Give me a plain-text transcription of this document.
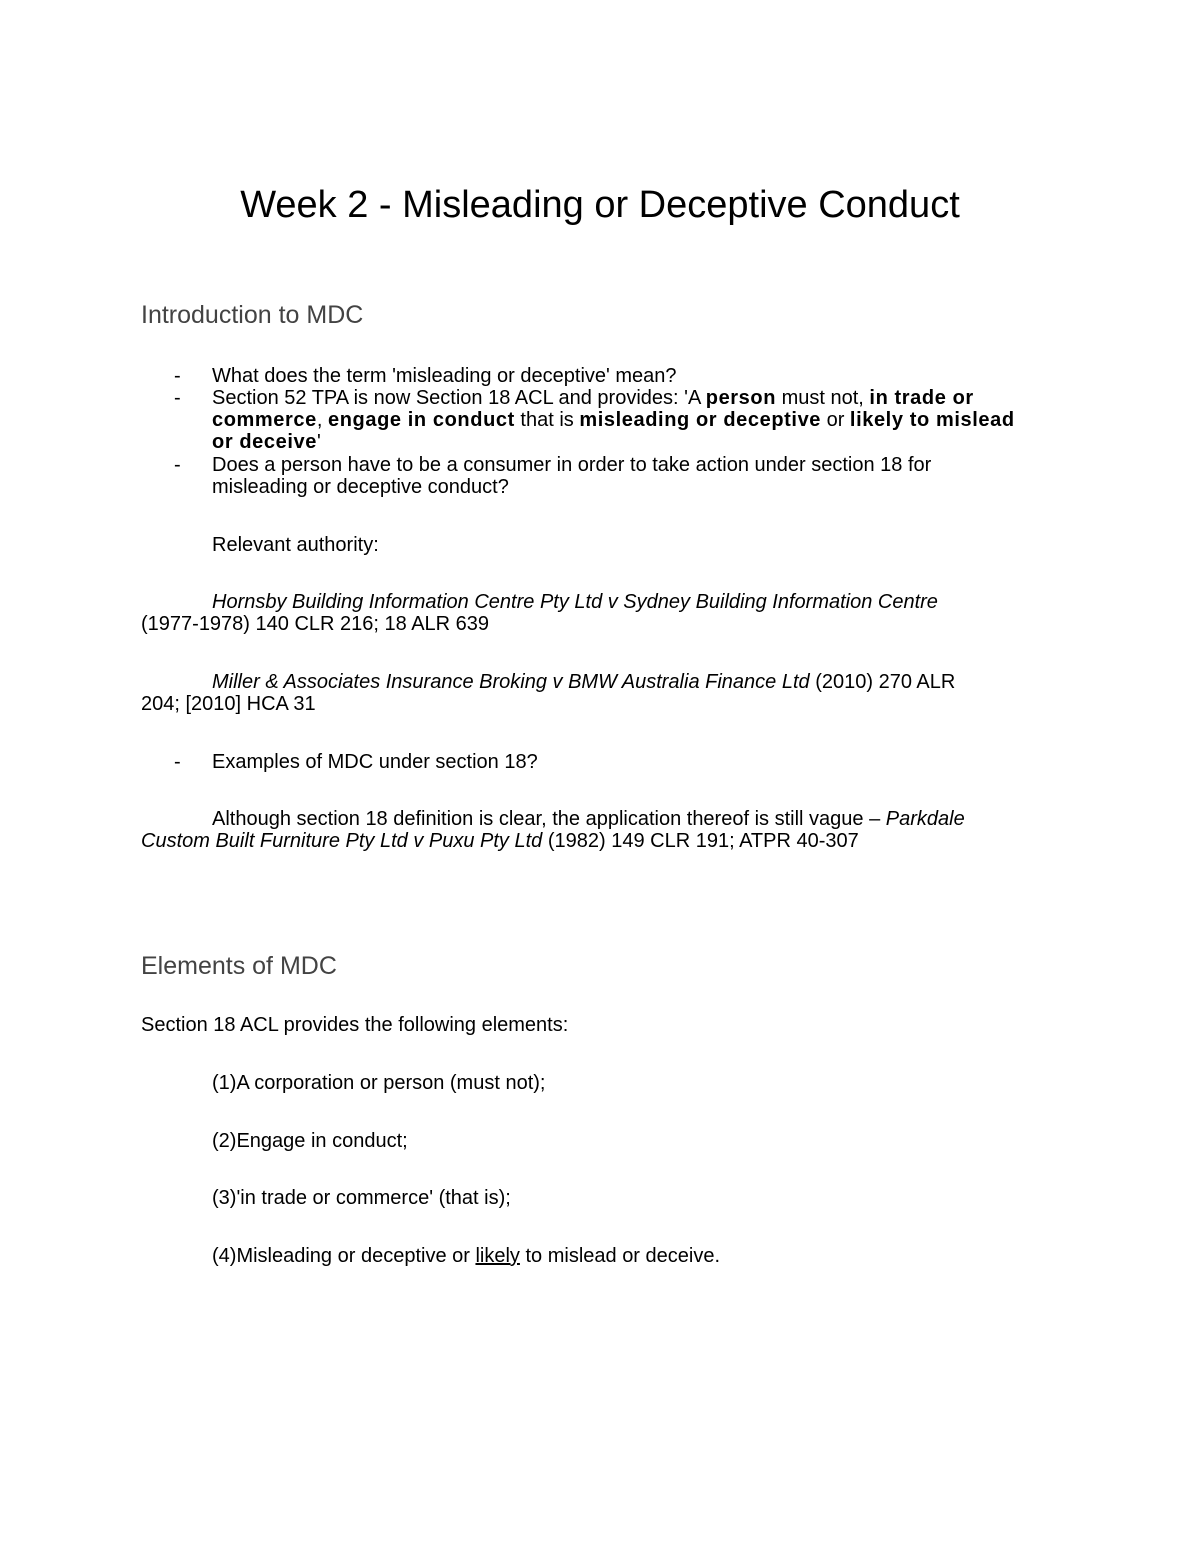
Week 2 - Misleading or Deceptive Conduct
Introduction to MDC
- What does the term 'misleading or deceptive' mean?
- Section 52 TPA is now Section 18 ACL and provides: 'A person must not, in trade or
commerce, engage in conduct that is misleading or deceptive or likely to mislead
or deceive'
- Does a person have to be a consumer in order to take action under section 18 for
misleading or deceptive conduct?
Relevant authority:
Hornsby Building Information Centre Pty Ltd v Sydney Building Information Centre
(1977-1978) 140 CLR 216; 18 ALR 639
Miller & Associates Insurance Broking v BMW Australia Finance Ltd (2010) 270 ALR
204; [2010] HCA 31
- Examples of MDC under section 18?
Although section 18 definition is clear, the application thereof is still vague – Parkdale
Custom Built Furniture Pty Ltd v Puxu Pty Ltd (1982) 149 CLR 191; ATPR 40-307
Elements of MDC
Section 18 ACL provides the following elements:
(1)A corporation or person (must not);
(2)Engage in conduct;
(3)'in trade or commerce' (that is);
(4)Misleading or deceptive or likely to mislead or deceive.
